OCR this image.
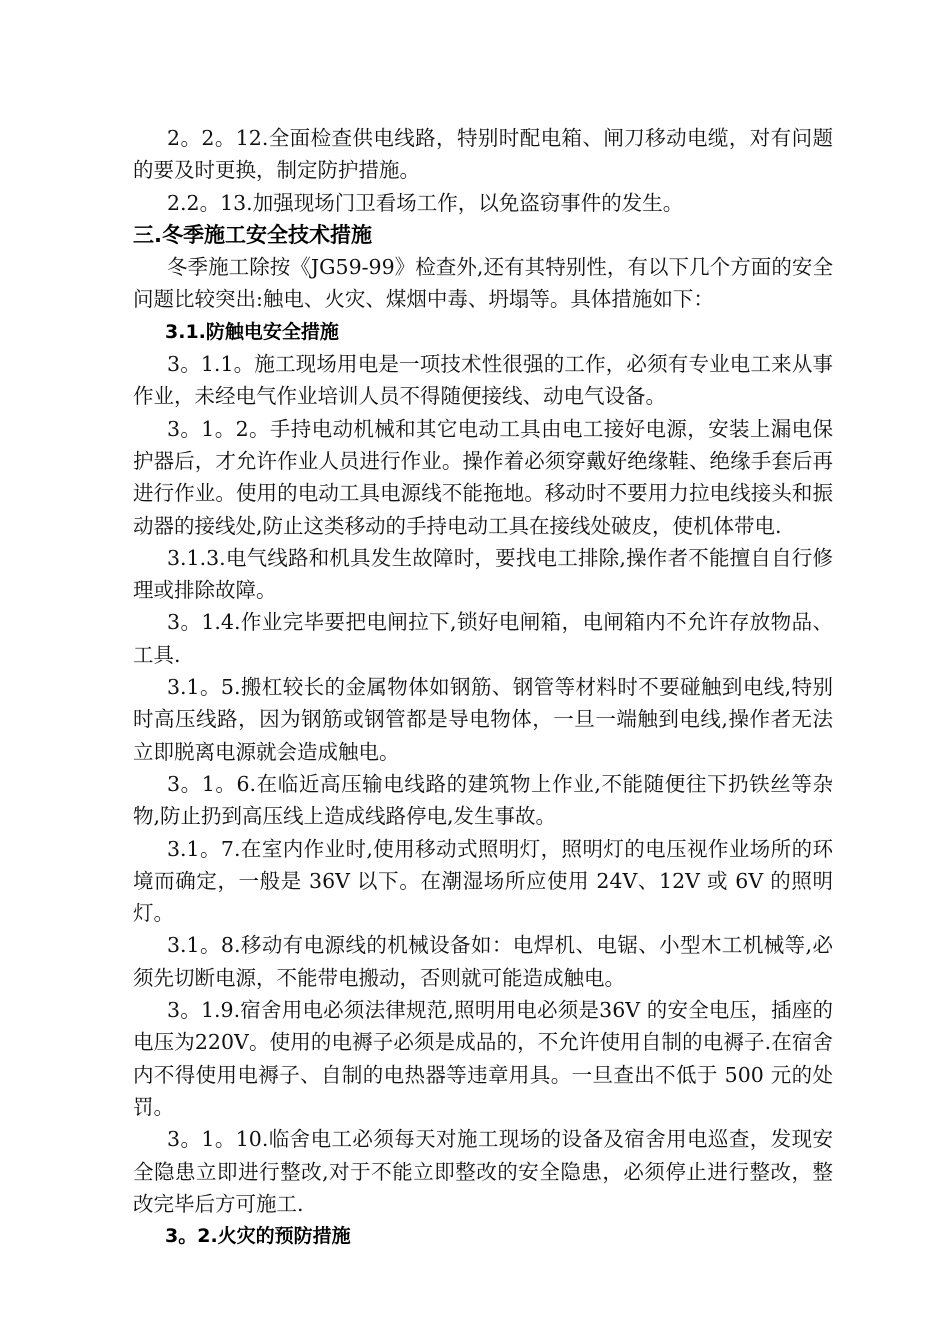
2。2。12.全面检查供电线路，特别时配电箱、闸刀移动电缆，对有问题的要及时更换，制定防护措施。

2.2。13.加强现场门卫看场工作，以免盗窃事件的发生。

三.冬季施工安全技术措施

冬季施工除按《JG59-99》检查外,还有其特别性，有以下几个方面的安全问题比较突出:触电、火灾、煤烟中毒、坍塌等。具体措施如下：

3.1.防触电安全措施

3。1.1。施工现场用电是一项技术性很强的工作，必须有专业电工来从事作业，未经电气作业培训人员不得随便接线、动电气设备。

3。1。2。手持电动机械和其它电动工具由电工接好电源，安装上漏电保护器后，才允许作业人员进行作业。操作着必须穿戴好绝缘鞋、绝缘手套后再进行作业。使用的电动工具电源线不能拖地。移动时不要用力拉电线接头和振动器的接线处,防止这类移动的手持电动工具在接线处破皮，使机体带电.

3.1.3.电气线路和机具发生故障时，要找电工排除,操作者不能擅自自行修理或排除故障。

3。1.4.作业完毕要把电闸拉下,锁好电闸箱，电闸箱内不允许存放物品、工具.

3.1。5.搬杠较长的金属物体如钢筋、钢管等材料时不要碰触到电线,特别时高压线路，因为钢筋或钢管都是导电物体，一旦一端触到电线,操作者无法立即脱离电源就会造成触电。

3。1。6.在临近高压输电线路的建筑物上作业,不能随便往下扔铁丝等杂物,防止扔到高压线上造成线路停电,发生事故。

3.1。7.在室内作业时,使用移动式照明灯，照明灯的电压视作业场所的环境而确定，一般是 36V 以下。在潮湿场所应使用 24V、12V 或 6V 的照明灯。

3.1。8.移动有电源线的机械设备如：电焊机、电锯、小型木工机械等,必须先切断电源，不能带电搬动，否则就可能造成触电。

3。1.9.宿舍用电必须法律规范,照明用电必须是36V 的安全电压，插座的电压为220V。使用的电褥子必须是成品的，不允许使用自制的电褥子.在宿舍内不得使用电褥子、自制的电热器等违章用具。一旦查出不低于 500 元的处罚。

3。1。10.临舍电工必须每天对施工现场的设备及宿舍用电巡查，发现安全隐患立即进行整改,对于不能立即整改的安全隐患，必须停止进行整改，整改完毕后方可施工.

3。2.火灾的预防措施
